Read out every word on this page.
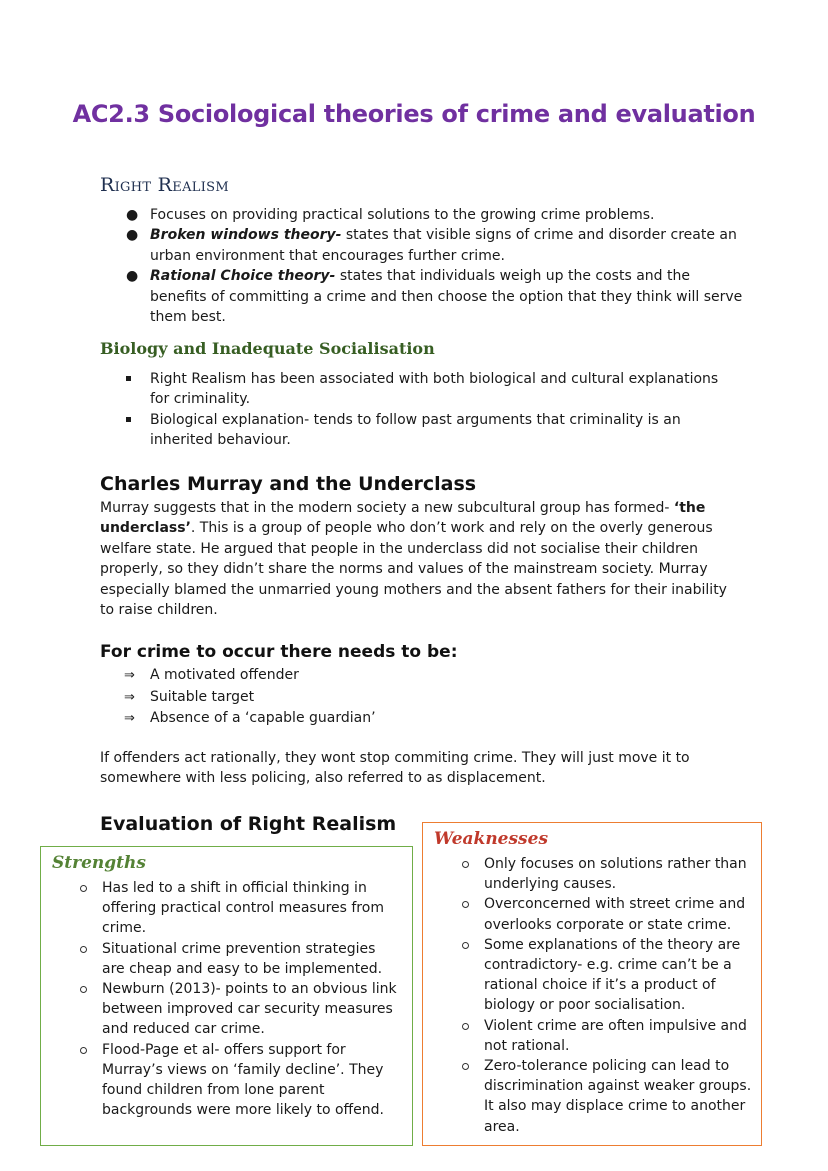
AC2.3 Sociological theories of crime and evaluation
Right Realism
● Focuses on providing practical solutions to the growing crime problems.
● Broken windows theory- states that visible signs of crime and disorder create an urban environment that encourages further crime.
● Rational Choice theory- states that individuals weigh up the costs and the benefits of committing a crime and then choose the option that they think will serve them best.
Biology and Inadequate Socialisation
Right Realism has been associated with both biological and cultural explanations for criminality.
Biological explanation- tends to follow past arguments that criminality is an inherited behaviour.
Charles Murray and the Underclass
Murray suggests that in the modern society a new subcultural group has formed- ‘the underclass’. This is a group of people who don’t work and rely on the overly generous welfare state. He argued that people in the underclass did not socialise their children properly, so they didn’t share the norms and values of the mainstream society. Murray especially blamed the unmarried young mothers and the absent fathers for their inability to raise children.
For crime to occur there needs to be:
⇒ A motivated offender
⇒ Suitable target
⇒ Absence of a ‘capable guardian’
If offenders act rationally, they wont stop commiting crime. They will just move it to somewhere with less policing, also referred to as displacement.
Evaluation of Right Realism
Strengths
Has led to a shift in official thinking in offering practical control measures from crime.
Situational crime prevention strategies are cheap and easy to be implemented.
Newburn (2013)- points to an obvious link between improved car security measures and reduced car crime.
Flood-Page et al- offers support for Murray’s views on ‘family decline’. They found children from lone parent backgrounds were more likely to offend.
Weaknesses
Only focuses on solutions rather than underlying causes.
Overconcerned with street crime and overlooks corporate or state crime.
Some explanations of the theory are contradictory- e.g. crime can’t be a rational choice if it’s a product of biology or poor socialisation.
Violent crime are often impulsive and not rational.
Zero-tolerance policing can lead to discrimination against weaker groups. It also may displace crime to another area.
